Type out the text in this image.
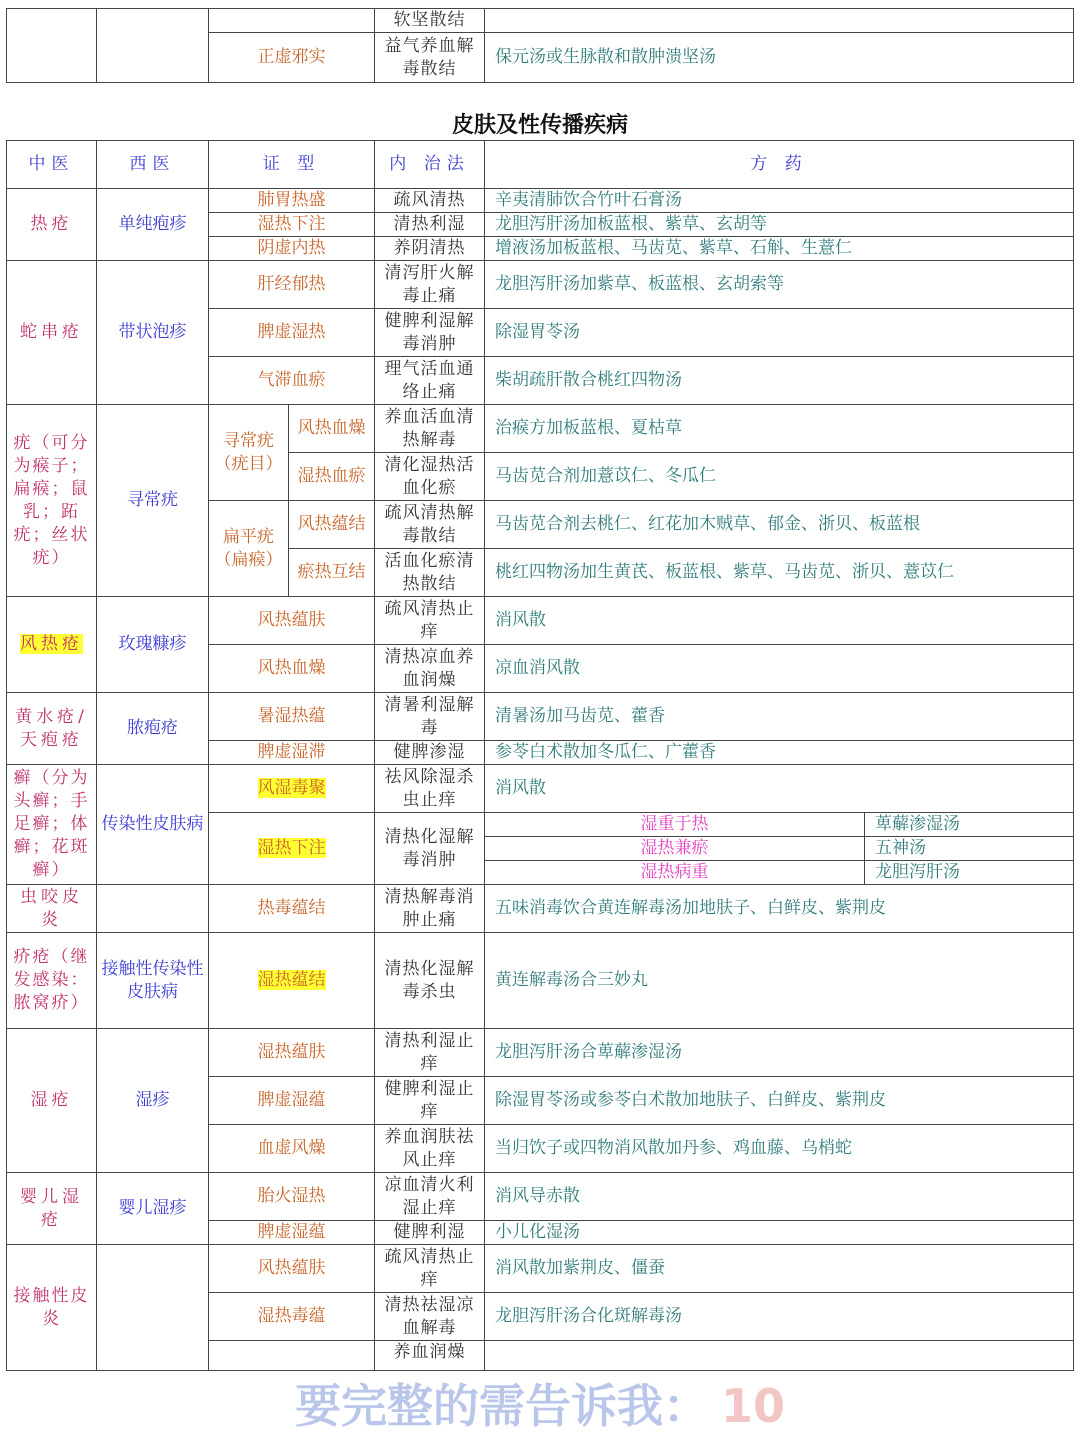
			软坚散结	
		正虚邪实	益气养血解毒散结	保元汤或生脉散和散肿溃坚汤
皮肤及性传播疾病
中医	西医	证 型		内 治法	方 药	
热疮	单纯疱疹	肺胃热盛		疏风清热	辛夷清肺饮合竹叶石膏汤	
		湿热下注		清热利湿	龙胆泻肝汤加板蓝根、紫草、玄胡等	
		阴虚内热		养阴清热	增液汤加板蓝根、马齿苋、紫草、石斛、生薏仁	
蛇串疮	带状泡疹	肝经郁热		清泻肝火解毒止痛	龙胆泻肝汤加紫草、板蓝根、玄胡索等	
		脾虚湿热		健脾利湿解毒消肿	除湿胃苓汤	
		气滞血瘀		理气活血通络止痛	柴胡疏肝散合桃红四物汤	
疣（可分为瘊子；扁瘊；鼠乳；跖疣；丝状疣）	寻常疣	寻常疣（疣目）	风热血燥	养血活血清热解毒	治瘊方加板蓝根、夏枯草	
			湿热血瘀	清化湿热活血化瘀	马齿苋合剂加薏苡仁、冬瓜仁	
		扁平疣（扁瘊）	风热蕴结	疏风清热解毒散结	马齿苋合剂去桃仁、红花加木贼草、郁金、浙贝、板蓝根	
			瘀热互结	活血化瘀清热散结	桃红四物汤加生黄芪、板蓝根、紫草、马齿苋、浙贝、薏苡仁	
风热疮	玫瑰糠疹	风热蕴肤		疏风清热止痒	消风散	
		风热血燥		清热凉血养血润燥	凉血消风散	
黄水疮/天疱疮	脓疱疮	暑湿热蕴		清暑利湿解毒	清暑汤加马齿苋、藿香	
		脾虚湿滞		健脾渗湿	参苓白术散加冬瓜仁、广藿香	
癣（分为头癣；手足癣；体癣；花斑癣）	传染性皮肤病	风湿毒聚		祛风除湿杀虫止痒	消风散	
		湿热下注		清热化湿解毒消肿	湿重于热	萆薢渗湿汤
					湿热兼瘀	五神汤
					湿热病重	龙胆泻肝汤
虫咬皮炎		热毒蕴结		清热解毒消肿止痛	五味消毒饮合黄连解毒汤加地肤子、白鲜皮、紫荆皮	
疥疮（继发感染：脓窝疥）	接触性传染性皮肤病	湿热蕴结		清热化湿解毒杀虫	黄连解毒汤合三妙丸	
湿疮	湿疹	湿热蕴肤		清热利湿止痒	龙胆泻肝汤合萆薢渗湿汤	
		脾虚湿蕴		健脾利湿止痒	除湿胃苓汤或参苓白术散加地肤子、白鲜皮、紫荆皮	
		血虚风燥		养血润肤祛风止痒	当归饮子或四物消风散加丹参、鸡血藤、乌梢蛇	
婴儿湿疮	婴儿湿疹	胎火湿热		凉血清火利湿止痒	消风导赤散	
		脾虚湿蕴		健脾利湿	小儿化湿汤	
接触性皮炎		风热蕴肤		疏风清热止痒	消风散加紫荆皮、僵蚕	
		湿热毒蕴		清热祛湿凉血解毒	龙胆泻肝汤合化斑解毒汤	
				养血润燥		
要完整的需告诉我： 10
